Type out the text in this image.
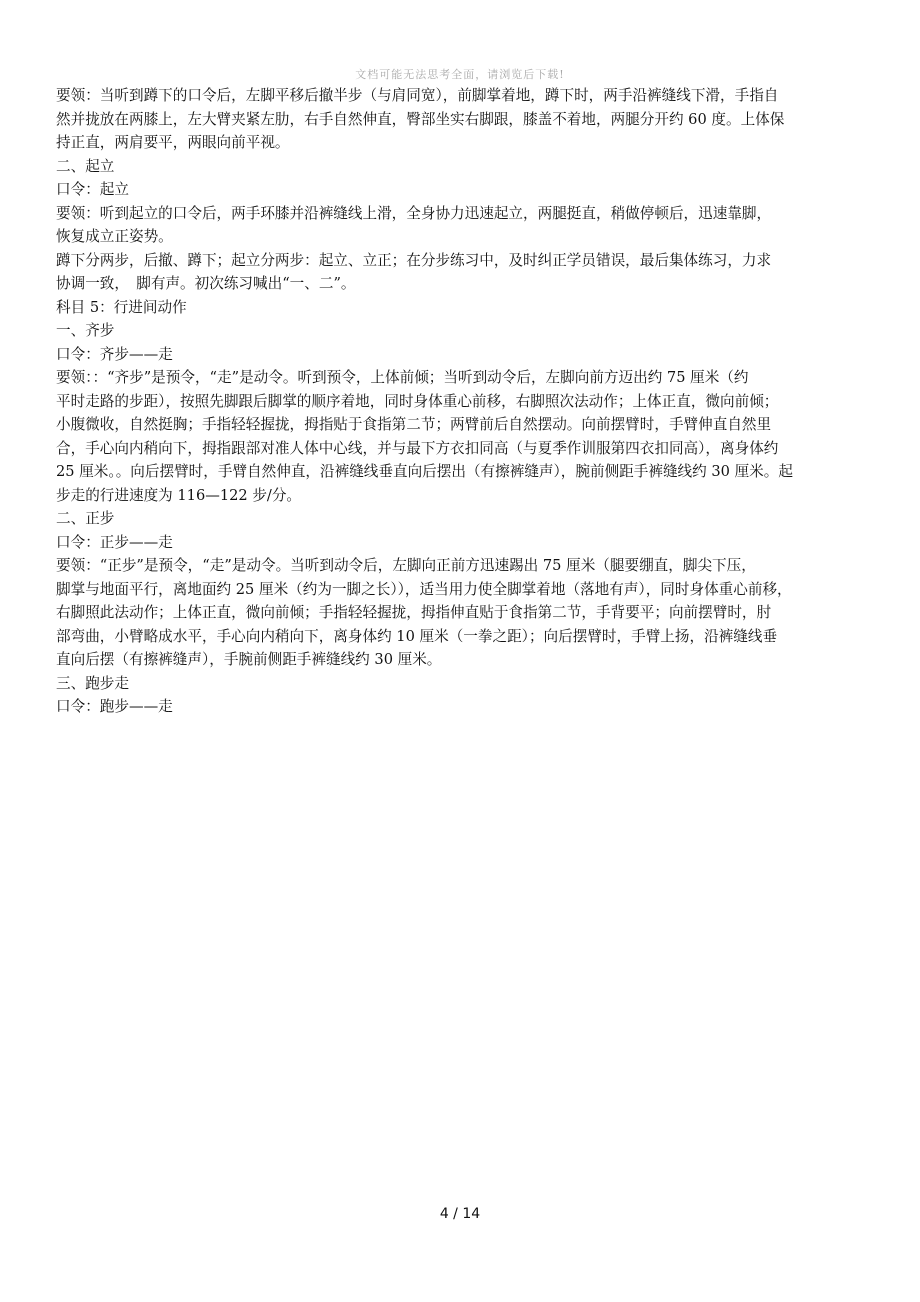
文档可能无法思考全面，请浏览后下载!
要领：当听到蹲下的口令后，左脚平移后撤半步（与肩同宽），前脚掌着地，蹲下时，两手沿裤缝线下滑，手指自
然并拢放在两膝上，左大臂夹紧左肋，右手自然伸直，臀部坐实右脚跟，膝盖不着地，两腿分开约 60 度。上体保
持正直，两肩要平，两眼向前平视。
二、起立
口令：起立
要领：听到起立的口令后，两手环膝并沿裤缝线上滑，全身协力迅速起立，两腿挺直，稍做停顿后，迅速靠脚，
恢复成立正姿势。
蹲下分两步，后撤、蹲下；起立分两步：起立、立正；在分步练习中，及时纠正学员错误，最后集体练习，力求
协调一致，　脚有声。初次练习喊出“一、二”。
科目 5：行进间动作
一、齐步
口令：齐步——走
要领：：“齐步”是预令，“走”是动令。听到预令，上体前倾；当听到动令后，左脚向前方迈出约 75 厘米（约
平时走路的步距），按照先脚跟后脚掌的顺序着地，同时身体重心前移，右脚照次法动作；上体正直，微向前倾；
小腹微收，自然挺胸；手指轻轻握拢，拇指贴于食指第二节；两臂前后自然摆动。向前摆臂时，手臂伸直自然里
合，手心向内稍向下，拇指跟部对准人体中心线，并与最下方衣扣同高（与夏季作训服第四衣扣同高），离身体约
25 厘米。。向后摆臂时，手臂自然伸直，沿裤缝线垂直向后摆出（有擦裤缝声），腕前侧距手裤缝线约 30 厘米。起
步走的行进速度为 116—122 步/分。
二、正步
口令：正步——走
要领：“正步”是预令，“走”是动令。当听到动令后，左脚向正前方迅速踢出 75 厘米（腿要绷直，脚尖下压，
脚掌与地面平行，离地面约 25 厘米（约为一脚之长）），适当用力使全脚掌着地（落地有声），同时身体重心前移，
右脚照此法动作；上体正直，微向前倾；手指轻轻握拢，拇指伸直贴于食指第二节，手背要平；向前摆臂时，肘
部弯曲，小臂略成水平，手心向内稍向下，离身体约 10 厘米（一拳之距）；向后摆臂时，手臂上扬，沿裤缝线垂
直向后摆（有擦裤缝声），手腕前侧距手裤缝线约 30 厘米。
三、跑步走
口令：跑步——走
4 / 14
